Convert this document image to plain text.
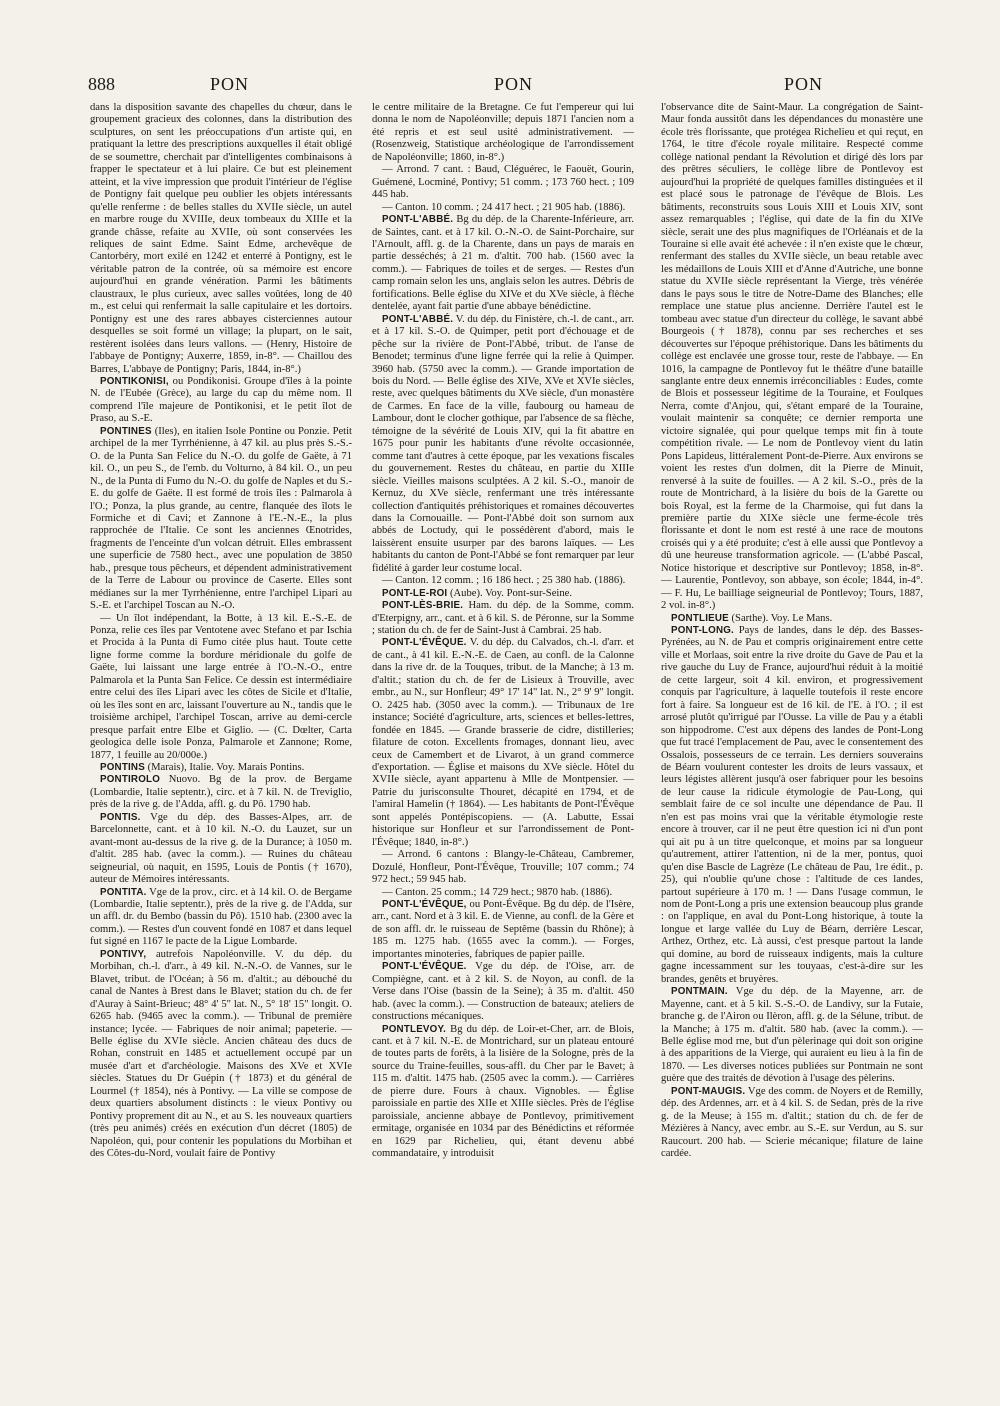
888	PON	PON	PON

dans la disposition savante des chapelles du chœur, dans le groupement gracieux des colonnes, dans la distribution des sculptures, on sent les préoccupations d'un artiste qui, en pratiquant la lettre des prescriptions auxquelles il était obligé de se soumettre, cherchait par d'intelligentes combinaisons à frapper le spectateur et à lui plaire. Ce but est pleinement atteint, et la vive impression que produit l'intérieur de l'église de Pontigny fait quelque peu oublier les objets intéressants qu'elle renferme : de belles stalles du XVIIe siècle, un autel en marbre rouge du XVIIIe, deux tombeaux du XIIIe et la grande châsse, refaite au XVIIe, où sont conservées les reliques de saint Edme. Saint Edme, archevêque de Cantorbéry, mort exilé en 1242 et enterré à Pontigny, est le véritable patron de la contrée, où sa mémoire est encore aujourd'hui en grande vénération. Parmi les bâtiments claustraux, le plus curieux, avec salles voûtées, long de 40 m., est celui qui renfermait la salle capitulaire et les dortoirs. Pontigny est une des rares abbayes cisterciennes autour desquelles se soit formé un village; la plupart, on le sait, restèrent isolées dans leurs vallons. — (Henry, Histoire de l'abbaye de Pontigny; Auxerre, 1859, in-8°. — Chaillou des Barres, L'abbaye de Pontigny; Paris, 1844, in-8°.)

PONTIKONISI, ou Pondikonisi. Groupe d'îles à la pointe N. de l'Eubée (Grèce), au large du cap du même nom. Il comprend l'île majeure de Pontikonisi, et le petit îlot de Praso, au S.-E.

PONTINES (Iles), en italien Isole Pontine ou Ponzie. Petit archipel de la mer Tyrrhénienne, à 47 kil. au plus près S.-S.-O. de la Punta San Felice du N.-O. du golfe de Gaëte, à 71 kil. O., un peu S., de l'emb. du Volturno, à 84 kil. O., un peu N., de la Punta di Fumo du N.-O. du golfe de Naples et du S.-E. du golfe de Gaëte. Il est formé de trois îles : Palmarola à l'O.; Ponza, la plus grande, au centre, flanquée des îlots le Formiche et di Cavi; et Zannone à l'E.-N.-E., la plus rapprochée de l'Italie. Ce sont les anciennes Œnotrides, fragments de l'enceinte d'un volcan détruit. Elles embrassent une superficie de 7580 hect., avec une population de 3850 hab., presque tous pêcheurs, et dépendent administrativement de la Terre de Labour ou province de Caserte. Elles sont médianes sur la mer Tyrrhénienne, entre l'archipel Lipari au S.-E. et l'archipel Toscan au N.-O.

— Un îlot indépendant, la Botte, à 13 kil. E.-S.-E. de Ponza, relie ces îles par Ventotene avec Stefano et par Ischia et Procida à la Punta di Fumo citée plus haut. Toute cette ligne forme comme la bordure méridionale du golfe de Gaëte, lui laissant une large entrée à l'O.-N.-O., entre Palmarola et la Punta San Felice. Ce dessin est intermédiaire entre celui des îles Lipari avec les côtes de Sicile et d'Italie, où les îles sont en arc, laissant l'ouverture au N., tandis que le troisième archipel, l'archipel Toscan, arrive au demi-cercle presque parfait entre Elbe et Giglio. — (C. Dœlter, Carta geologica delle isole Ponza, Palmarole et Zannone; Rome, 1877, 1 feuille au 20/000e.)

PONTINS (Marais), Italie. Voy. Marais Pontins.

PONTIROLO Nuovo. Bg de la prov. de Bergame (Lombardie, Italie septentr.), circ. et à 7 kil. N. de Treviglio, près de la rive g. de l'Adda, affl. g. du Pô. 1790 hab.

PONTIS. Vge du dép. des Basses-Alpes, arr. de Barcelonnette, cant. et à 10 kil. N.-O. du Lauzet, sur un avant-mont au-dessus de la rive g. de la Durance; à 1050 m. d'altit. 285 hab. (avec la comm.). — Ruines du château seigneurial, où naquit, en 1595, Louis de Pontis († 1670), auteur de Mémoires intéressants.

PONTITA. Vge de la prov., circ. et à 14 kil. O. de Bergame (Lombardie, Italie septentr.), près de la rive g. de l'Adda, sur un affl. dr. du Bembo (bassin du Pô). 1510 hab. (2300 avec la comm.). — Restes d'un couvent fondé en 1087 et dans lequel fut signé en 1167 le pacte de la Ligue Lombarde.

PONTIVY, autrefois Napoléonville. V. du dép. du Morbihan, ch.-l. d'arr., à 49 kil. N.-N.-O. de Vannes, sur le Blavet, tribut. de l'Océan; à 56 m. d'altit.; au débouché du canal de Nantes à Brest dans le Blavet; station du ch. de fer d'Auray à Saint-Brieuc; 48° 4' 5" lat. N., 5° 18' 15" longit. O. 6265 hab. (9465 avec la comm.). — Tribunal de première instance; lycée. — Fabriques de noir animal; papeterie. — Belle église du XVIe siècle. Ancien château des ducs de Rohan, construit en 1485 et actuellement occupé par un musée d'art et d'archéologie. Maisons des XVe et XVIe siècles. Statues du Dr Guépin († 1873) et du général de Lourmel († 1854), nés à Pontivy. — La ville se compose de deux quartiers absolument distincts : le vieux Pontivy ou Pontivy proprement dit au N., et au S. les nouveaux quartiers (très peu animés) créés en exécution d'un décret (1805) de Napoléon, qui, pour contenir les populations du Morbihan et des Côtes-du-Nord, voulait faire de Pontivy

le centre militaire de la Bretagne. Ce fut l'empereur qui lui donna le nom de Napoléonville; depuis 1871 l'ancien nom a été repris et est seul usité administrativement. — (Rosenzweig, Statistique archéologique de l'arrondissement de Napoléonville; 1860, in-8°.)

— Arrond. 7 cant. : Baud, Cléguérec, le Faouët, Gourin, Guémené, Locminé, Pontivy; 51 comm. ; 173 760 hect. ; 109 445 hab.

— Canton. 10 comm. ; 24 417 hect. ; 21 905 hab. (1886).

PONT-L'ABBÉ. Bg du dép. de la Charente-Inférieure, arr. de Saintes, cant. et à 17 kil. O.-N.-O. de Saint-Porchaire, sur l'Arnoult, affl. g. de la Charente, dans un pays de marais en partie desséchés; à 21 m. d'altit. 700 hab. (1560 avec la comm.). — Fabriques de toiles et de serges. — Restes d'un camp romain selon les uns, anglais selon les autres. Débris de fortifications. Belle église du XIVe et du XVe siècle, à flèche dentelée, ayant fait partie d'une abbaye bénédictine.

PONT-L'ABBÉ. V. du dép. du Finistère, ch.-l. de cant., arr. et à 17 kil. S.-O. de Quimper, petit port d'échouage et de pêche sur la rivière de Pont-l'Abbé, tribut. de l'anse de Benodet; terminus d'une ligne ferrée qui la relie à Quimper. 3960 hab. (5750 avec la comm.). — Grande importation de bois du Nord. — Belle église des XIVe, XVe et XVIe siècles, reste, avec quelques bâtiments du XVe siècle, d'un monastère de Carmes. En face de la ville, faubourg ou hameau de Lambour, dont le clocher gothique, par l'absence de sa flèche, témoigne de la sévérité de Louis XIV, qui la fit abattre en 1675 pour punir les habitants d'une révolte occasionnée, comme tant d'autres à cette époque, par les vexations fiscales du gouvernement. Restes du château, en partie du XIIIe siècle. Vieilles maisons sculptées. A 2 kil. S.-O., manoir de Kernuz, du XVe siècle, renfermant une très intéressante collection d'antiquités préhistoriques et romaines découvertes dans la Cornouaille. — Pont-l'Abbé doit son surnom aux abbés de Loctudy, qui le possédèrent d'abord, mais le laissèrent ensuite usurper par des barons laïques. — Les habitants du canton de Pont-l'Abbé se font remarquer par leur fidélité à garder leur costume local.

— Canton. 12 comm. ; 16 186 hect. ; 25 380 hab. (1886).

PONT-LE-ROI (Aube). Voy. Pont-sur-Seine.

PONT-LÈS-BRIE. Ham. du dép. de la Somme, comm. d'Eterpigny, arr., cant. et à 6 kil. S. de Péronne, sur la Somme ; station du ch. de fer de Saint-Just à Cambrai. 25 hab.

PONT-L'ÉVÊQUE. V. du dép. du Calvados, ch.-l. d'arr. et de cant., à 41 kil. E.-N.-E. de Caen, au confl. de la Calonne dans la rive dr. de la Touques, tribut. de la Manche; à 13 m. d'altit.; station du ch. de fer de Lisieux à Trouville, avec embr., au N., sur Honfleur; 49° 17' 14" lat. N., 2° 9' 9" longit. O. 2425 hab. (3050 avec la comm.). — Tribunaux de 1re instance; Société d'agriculture, arts, sciences et belles-lettres, fondée en 1845. — Grande brasserie de cidre, distilleries; filature de coton. Excellents fromages, donnant lieu, avec ceux de Camembert et de Livarot, à un grand commerce d'exportation. — Église et maisons du XVe siècle. Hôtel du XVIIe siècle, ayant appartenu à Mlle de Montpensier. — Patrie du jurisconsulte Thouret, décapité en 1794, et de l'amiral Hamelin († 1864). — Les habitants de Pont-l'Évêque sont appelés Pontépiscopiens. — (A. Labutte, Essai historique sur Honfleur et sur l'arrondissement de Pont-l'Évêque; 1840, in-8°.)

— Arrond. 6 cantons : Blangy-le-Château, Cambremer, Dozulé, Honfleur, Pont-l'Évêque, Trouville; 107 comm.; 74 972 hect.; 59 945 hab.

— Canton. 25 comm.; 14 729 hect.; 9870 hab. (1886).

PONT-L'ÉVÊQUE, ou Pont-Évêque. Bg du dép. de l'Isère, arr., cant. Nord et à 3 kil. E. de Vienne, au confl. de la Gère et de son affl. dr. le ruisseau de Septême (bassin du Rhône); à 185 m. 1275 hab. (1655 avec la comm.). — Forges, importantes minoteries, fabriques de papier paille.

PONT-L'ÉVÊQUE. Vge du dép. de l'Oise, arr. de Compiègne, cant. et à 2 kil. S. de Noyon, au confl. de la Verse dans l'Oise (bassin de la Seine); à 35 m. d'altit. 450 hab. (avec la comm.). — Construction de bateaux; ateliers de constructions mécaniques.

PONTLEVOY. Bg du dép. de Loir-et-Cher, arr. de Blois, cant. et à 7 kil. N.-E. de Montrichard, sur un plateau entouré de toutes parts de forêts, à la lisière de la Sologne, près de la source du Traine-feuilles, sous-affl. du Cher par le Bavet; à 115 m. d'altit. 1475 hab. (2505 avec la comm.). — Carrières de pierre dure. Fours à chaux. Vignobles. — Église paroissiale en partie des XIIe et XIIIe siècles. Près de l'église paroissiale, ancienne abbaye de Pontlevoy, primitivement ermitage, organisée en 1034 par des Bénédictins et réformée en 1629 par Richelieu, qui, étant devenu abbé commandataire, y introduisit

l'observance dite de Saint-Maur. La congrégation de Saint-Maur fonda aussitôt dans les dépendances du monastère une école très florissante, que protégea Richelieu et qui reçut, en 1764, le titre d'école royale militaire. Respecté comme collège national pendant la Révolution et dirigé dès lors par des prêtres séculiers, le collège libre de Pontlevoy est aujourd'hui la propriété de quelques familles distinguées et il est placé sous le patronage de l'évêque de Blois. Les bâtiments, reconstruits sous Louis XIII et Louis XIV, sont assez remarquables ; l'église, qui date de la fin du XIVe siècle, serait une des plus magnifiques de l'Orléanais et de la Touraine si elle avait été achevée : il n'en existe que le chœur, renfermant des stalles du XVIIe siècle, un beau retable avec les médaillons de Louis XIII et d'Anne d'Autriche, une bonne statue du XVIIe siècle représentant la Vierge, très vénérée dans le pays sous le titre de Notre-Dame des Blanches; elle remplace une statue plus ancienne. Derrière l'autel est le tombeau avec statue d'un directeur du collège, le savant abbé Bourgeois († 1878), connu par ses recherches et ses découvertes sur l'époque préhistorique. Dans les bâtiments du collège est enclavée une grosse tour, reste de l'abbaye. — En 1016, la campagne de Pontlevoy fut le théâtre d'une bataille sanglante entre deux ennemis irréconciliables : Eudes, comte de Blois et possesseur légitime de la Touraine, et Foulques Nerra, comte d'Anjou, qui, s'étant emparé de la Touraine, voulait maintenir sa conquête; ce dernier remporta une victoire signalée, qui pour quelque temps mit fin à toute compétition rivale. — Le nom de Pontlevoy vient du latin Pons Lapideus, littéralement Pont-de-Pierre. Aux environs se voient les restes d'un dolmen, dit la Pierre de Minuit, renversé à la suite de fouilles. — A 2 kil. S.-O., près de la route de Montrichard, à la lisière du bois de la Garette ou bois Royal, est la ferme de la Charmoise, qui fut dans la première partie du XIXe siècle une ferme-école très florissante et dont le nom est resté à une race de moutons croisés qui y a été produite; c'est à elle aussi que Pontlevoy a dû une heureuse transformation agricole. — (L'abbé Pascal, Notice historique et descriptive sur Pontlevoy; 1858, in-8°. — Laurentie, Pontlevoy, son abbaye, son école; 1844, in-4°. — F. Hu, Le bailliage seigneurial de Pontlevoy; Tours, 1887, 2 vol. in-8°.)

PONTLIEUE (Sarthe). Voy. Le Mans.

PONT-LONG. Pays de landes, dans le dép. des Basses-Pyrénées, au N. de Pau et compris originairement entre cette ville et Morlaas, soit entre la rive droite du Gave de Pau et la rive gauche du Luy de France, aujourd'hui réduit à la moitié de cette largeur, soit 4 kil. environ, et progressivement conquis par l'agriculture, à laquelle toutefois il reste encore fort à faire. Sa longueur est de 16 kil. de l'E. à l'O. ; il est arrosé plutôt qu'irrigué par l'Ousse. La ville de Pau y a établi son hippodrome. C'est aux dépens des landes de Pont-Long que fut tracé l'emplacement de Pau, avec le consentement des Ossalois, possesseurs de ce terrain. Les derniers souverains de Béarn voulurent contester les droits de leurs vassaux, et leurs légistes allèrent jusqu'à oser fabriquer pour les besoins de leur cause la ridicule étymologie de Pau-Long, qui semblait faire de ce sol inculte une dépendance de Pau. Il n'en est pas moins vrai que la véritable étymologie reste encore à trouver, car il ne peut être question ici ni d'un pont qui ait pu à un titre quelconque, et moins par sa longueur qu'autrement, attirer l'attention, ni de la mer, pontus, quoi qu'en dise Bascle de Lagrèze (Le château de Pau, 1re édit., p. 25), qui n'oublie qu'une chose : l'altitude de ces landes, partout supérieure à 170 m. ! — Dans l'usage commun, le nom de Pont-Long a pris une extension beaucoup plus grande : on l'applique, en aval du Pont-Long historique, à toute la longue et large vallée du Luy de Béarn, derrière Lescar, Arthez, Orthez, etc. Là aussi, c'est presque partout la lande qui domine, au bord de ruisseaux indigents, mais la culture gagne incessamment sur les touyaas, c'est-à-dire sur les brandes, genêts et bruyères.

PONTMAIN. Vge du dép. de la Mayenne, arr. de Mayenne, cant. et à 5 kil. S.-S.-O. de Landivy, sur la Futaie, branche g. de l'Airon ou Ilèron, affl. g. de la Sélune, tribut. de la Manche; à 175 m. d'altit. 580 hab. (avec la comm.). — Belle église mod rne, but d'un pèlerinage qui doit son origine à des apparitions de la Vierge, qui auraient eu lieu à la fin de 1870. — Les diverses notices publiées sur Pontmain ne sont guère que des traités de dévotion à l'usage des pèlerins.

PONT-MAUGIS. Vge des comm. de Noyers et de Remilly, dép. des Ardennes, arr. et à 4 kil. S. de Sedan, près de la rive g. de la Meuse; à 155 m. d'altit.; station du ch. de fer de Mézières à Nancy, avec embr. au S.-E. sur Verdun, au S. sur Raucourt. 200 hab. — Scierie mécanique; filature de laine cardée.
